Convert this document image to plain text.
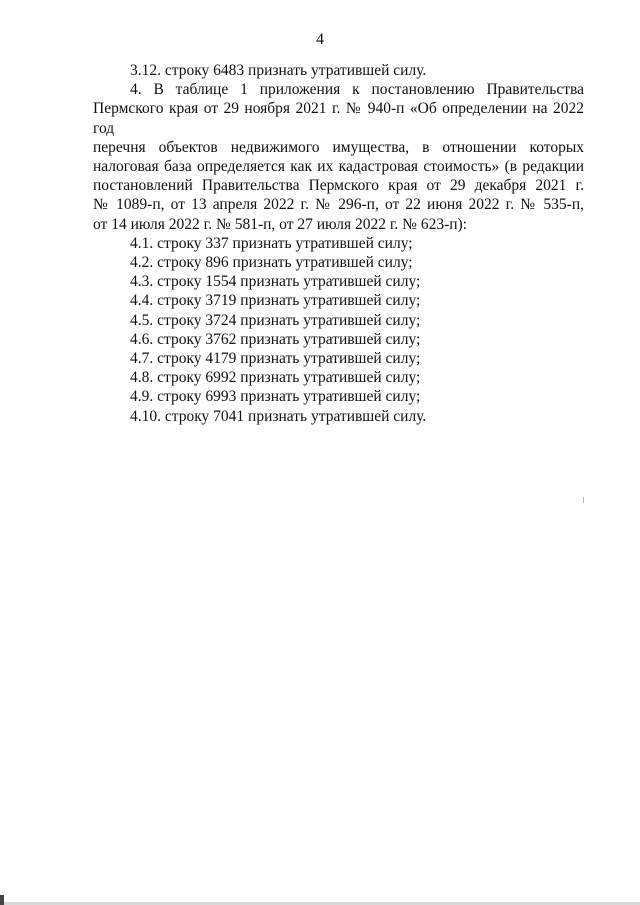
4

3.12. строку 6483 признать утратившей силу.

4. В таблице 1 приложения к постановлению Правительства
Пермского края от 29 ноября 2021 г. № 940-п «Об определении на 2022 год
перечня объектов недвижимого имущества, в отношении которых
налоговая база определяется как их кадастровая стоимость» (в редакции
постановлений Правительства Пермского края от 29 декабря 2021 г.
№ 1089-п, от 13 апреля 2022 г. № 296-п, от 22 июня 2022 г. № 535-п,
от 14 июля 2022 г. № 581-п, от 27 июля 2022 г. № 623-п):
4.1. строку 337 признать утратившей силу;
4.2. строку 896 признать утратившей силу;
4.3. строку 1554 признать утратившей силу;
4.4. строку 3719 признать утратившей силу;
4.5. строку 3724 признать утратившей силу;
4.6. строку 3762 признать утратившей силу;
4.7. строку 4179 признать утратившей силу;
4.8. строку 6992 признать утратившей силу;
4.9. строку 6993 признать утратившей силу;
4.10. строку 7041 признать утратившей силу.
